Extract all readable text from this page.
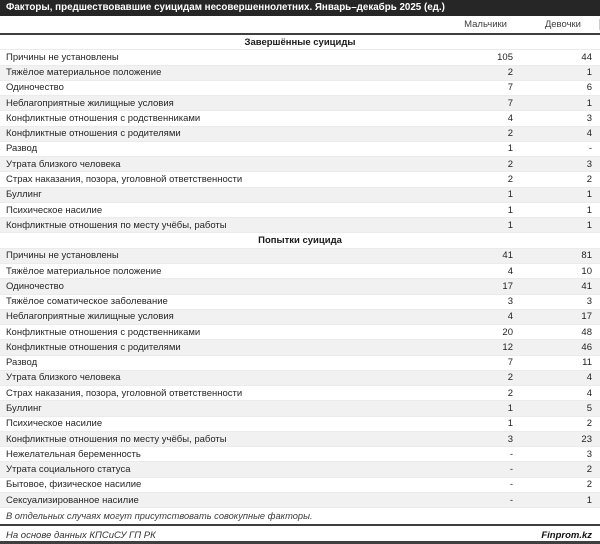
Факторы, предшествовавшие суицидам несовершеннолетних. Январь–декабрь 2025 (ед.)
Мальчики	Девочки
Завершённые суициды
Причины не установлены	105	44
Тяжёлое материальное положение	2	1
Одиночество	7	6
Неблагоприятные жилищные условия	7	1
Конфликтные отношения с родственниками	4	3
Конфликтные отношения с родителями	2	4
Развод	1	-
Утрата близкого человека	2	3
Страх наказания, позора, уголовной ответственности	2	2
Буллинг	1	1
Психическое насилие	1	1
Конфликтные отношения по месту учёбы, работы	1	1
Попытки суицида
Причины не установлены	41	81
Тяжёлое материальное положение	4	10
Одиночество	17	41
Тяжёлое соматическое заболевание	3	3
Неблагоприятные жилищные условия	4	17
Конфликтные отношения с родственниками	20	48
Конфликтные отношения с родителями	12	46
Развод	7	11
Утрата близкого человека	2	4
Страх наказания, позора, уголовной ответственности	2	4
Буллинг	1	5
Психическое насилие	1	2
Конфликтные отношения по месту учёбы, работы	3	23
Нежелательная беременность	-	3
Утрата социального статуса	-	2
Бытовое, физическое насилие	-	2
Сексуализированное насилие	-	1
В отдельных случаях могут присутствовать совокупные факторы.
На основе данных КПСиСУ ГП РК	Finprom.kz
